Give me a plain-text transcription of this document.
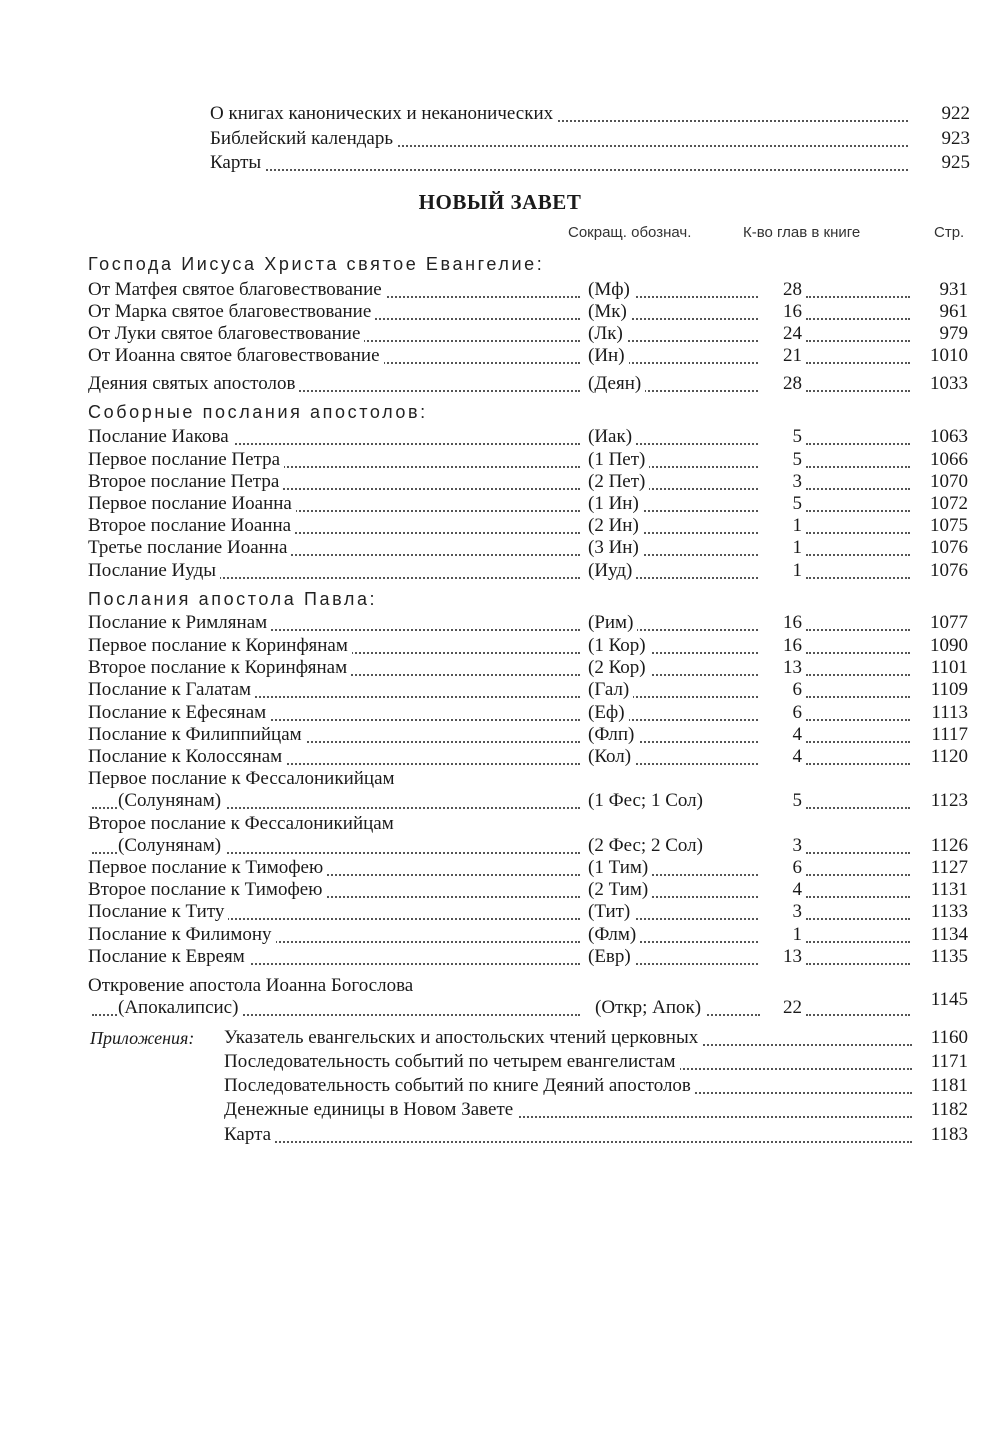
О книгах канонических и неканонических	922
Библейский календарь	923
Карты	925
НОВЫЙ ЗАВЕТ
Сокращ. обознач.	К-во глав в книге	Стр.
Господа Иисуса Христа святое Евангелие:
От Матфея святое благовествование	(Мф)	28	931
От Марка святое благовествование	(Мк)	16	961
От Луки святое благовествование	(Лк)	24	979
От Иоанна святое благовествование	(Ин)	21	1010
Деяния святых апостолов	(Деян)	28	1033
Соборные послания апостолов:
Послание Иакова	(Иак)	5	1063
Первое послание Петра	(1 Пет)	5	1066
Второе послание Петра	(2 Пет)	3	1070
Первое послание Иоанна	(1 Ин)	5	1072
Второе послание Иоанна	(2 Ин)	1	1075
Третье послание Иоанна	(3 Ин)	1	1076
Послание Иуды	(Иуд)	1	1076
Послания апостола Павла:
Послание к Римлянам	(Рим)	16	1077
Первое послание к Коринфянам	(1 Кор)	16	1090
Второе послание к Коринфянам	(2 Кор)	13	1101
Послание к Галатам	(Гал)	6	1109
Послание к Ефесянам	(Еф)	6	1113
Послание к Филиппийцам	(Флп)	4	1117
Послание к Колоссянам	(Кол)	4	1120
Первое послание к Фессалоникийцам
(Солунянам)	(1 Фес; 1 Сол)	5	1123
Второе послание к Фессалоникийцам
(Солунянам)	(2 Фес; 2 Сол)	3	1126
Первое послание к Тимофею	(1 Тим)	6	1127
Второе послание к Тимофею	(2 Тим)	4	1131
Послание к Титу	(Тит)	3	1133
Послание к Филимону	(Флм)	1	1134
Послание к Евреям	(Евр)	13	1135
Откровение апостола Иоанна Богослова
(Апокалипсис)	(Откр; Апок)	22	1145
Приложения: Указатель евангельских и апостольских чтений церковных	1160
Последовательность событий по четырем евангелистам	1171
Последовательность событий по книге Деяний апостолов	1181
Денежные единицы в Новом Завете	1182
Карта	1183
